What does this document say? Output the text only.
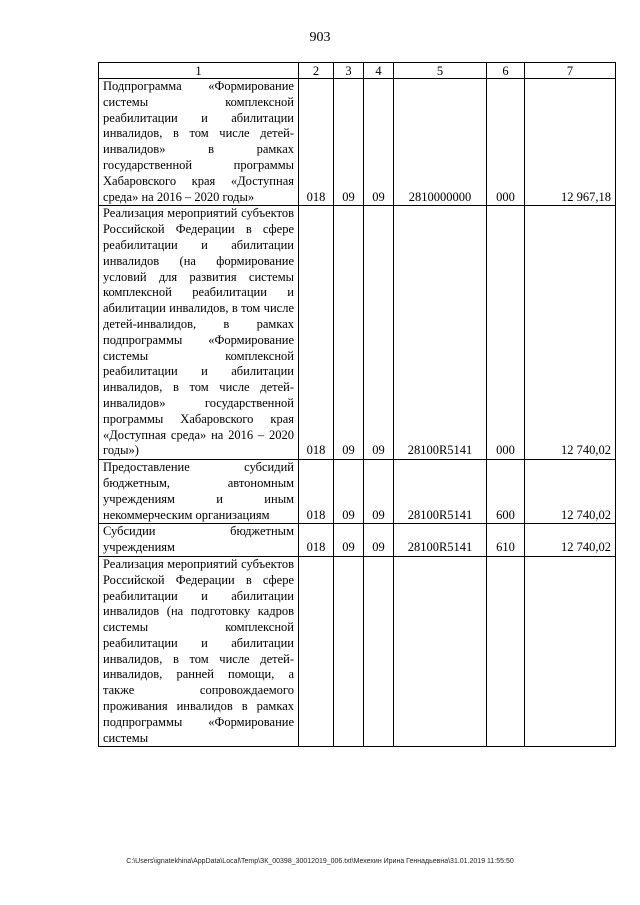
903
1	2	3	4	5	6	7
Подпрограмма «Формирование системы комплексной реабилитации и абилитации инвалидов, в том числе детей-инвалидов» в рамках государственной программы Хабаровского края «Доступная среда» на 2016 – 2020 годы»	018	09	09	2810000000	000	12 967,18
Реализация мероприятий субъектов Российской Федерации в сфере реабилитации и абилитации инвалидов (на формирование условий для развития системы комплексной реабилитации и абилитации инвалидов, в том числе детей-инвалидов, в рамках подпрограммы «Формирование системы комплексной реабилитации и абилитации инвалидов, в том числе детей-инвалидов» государственной программы Хабаровского края «Доступная среда» на 2016 – 2020 годы»)	018	09	09	28100R5141	000	12 740,02
Предоставление субсидий бюджетным, автономным учреждениям и иным некоммерческим организациям	018	09	09	28100R5141	600	12 740,02
Субсидии бюджетным учреждениям	018	09	09	28100R5141	610	12 740,02
Реализация мероприятий субъектов Российской Федерации в сфере реабилитации и абилитации инвалидов (на подготовку кадров системы комплексной реабилитации и абилитации инвалидов, в том числе детей-инвалидов, ранней помощи, а также сопровождаемого проживания инвалидов в рамках подпрограммы «Формирование системы						
C:\Users\ignatekhina\AppData\Local\Temp\ЗК_00398_30012019_006.txt\Мехехин Ирина Геннадьевна\31.01.2019 11:55:50
